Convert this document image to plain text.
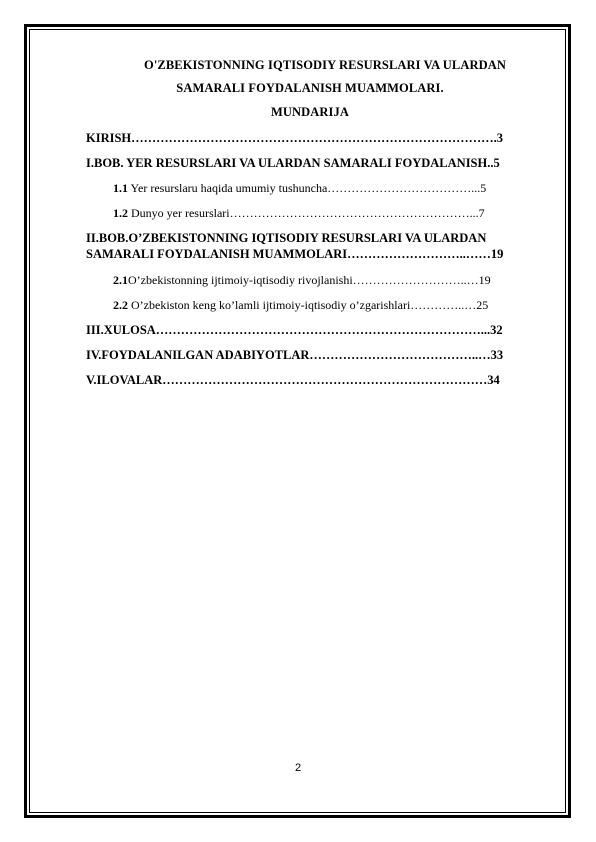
O'ZBEKISTONNING IQTISODIY RESURSLARI VA ULARDAN
SAMARALI FOYDALANISH MUAMMOLARI.
MUNDARIJA
KIRISH…………………………………………………………………………….3
I.BOB. YER RESURSLARI VA ULARDAN SAMARALI FOYDALANISH..5
1.1 Yer resurslaru haqida umumiy tushuncha………………………………...5
1.2 Dunyo yer resurslari……………………………………………………...7
II.BOB.O’ZBEKISTONNING IQTISODIY RESURSLARI VA ULARDAN
SAMARALI FOYDALANISH MUAMMOLARI………………………..……19
2.1O’zbekistonning ijtimoiy-iqtisodiy rivojlanishi………………………..…19
2.2 O’zbekiston keng ko’lamli ijtimoiy-iqtisodiy o’zgarishlari…………..…25
III.XULOSA……………………………………………………………………...32
IV.FOYDALANILGAN ADABIYOTLAR…………………………………..…33
V.ILOVALAR……………………………………………………………………34
2
